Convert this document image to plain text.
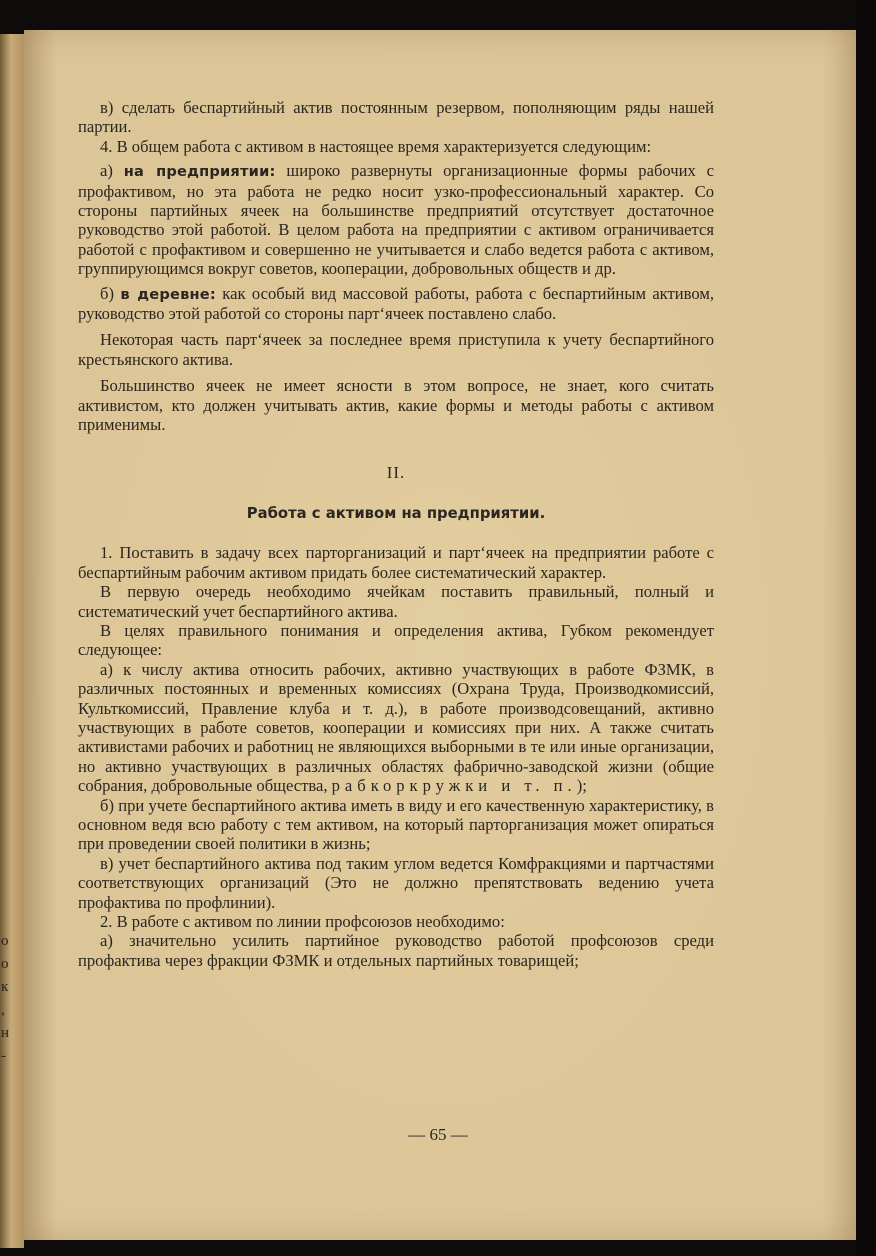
o
o
к
,
н
-

в) сделать беспартийный актив постоянным резервом, пополняющим ряды нашей партии.

4. В общем работа с активом в настоящее время характеризуется следующим:

а) на предприятии: широко развернуты организационные формы рабочих с профактивом, но эта работа не редко носит узко-профессиональный характер. Со стороны партийных ячеек на большинстве предприятий отсутствует достаточное руководство этой работой. В целом работа на предприятии с активом ограничивается работой с профактивом и совершенно не учитывается и слабо ведется работа с активом, группирующимся вокруг советов, кооперации, добровольных обществ и др.

б) в деревне: как особый вид массовой работы, работа с беспартийным активом, руководство этой работой со стороны парт‘ячеек поставлено слабо.

Некоторая часть парт‘ячеек за последнее время приступила к учету беспартийного крестьянского актива.

Большинство ячеек не имеет ясности в этом вопросе, не знает, кого считать активистом, кто должен учитывать актив, какие формы и методы работы с активом применимы.

II.

Работа с активом на предприятии.

1. Поставить в задачу всех парторганизаций и парт‘ячеек на предприятии работе с беспартийным рабочим активом придать более систематический характер.

В первую очередь необходимо ячейкам поставить правильный, полный и систематический учет беспартийного актива.

В целях правильного понимания и определения актива, Губком рекомендует следующее:

а) к числу актива относить рабочих, активно участвующих в работе ФЗМК, в различных постоянных и временных комиссиях (Охрана Труда, Производкомиссий, Культкомиссий, Правление клуба и т. д.), в работе производсовещаний, активно участвующих в работе советов, кооперации и комиссиях при них. А также считать активистами рабочих и работниц не являющихся выборными в те или иные организации, но активно участвующих в различных областях фабрично-заводской жизни (общие собрания, добровольные общества, рабкоркружки и т. п.);

б) при учете беспартийного актива иметь в виду и его качественную характеристику, в основном ведя всю работу с тем активом, на который парторганизация может опираться при проведении своей политики в жизнь;

в) учет беспартийного актива под таким углом ведется Комфракциями и партчастями соответствующих организаций (Это не должно препятствовать ведению учета профактива по профлинии).

2. В работе с активом по линии профсоюзов необходимо:

а) значительно усилить партийное руководство работой профсоюзов среди профактива через фракции ФЗМК и отдельных партийных товарищей;

— 65 —
